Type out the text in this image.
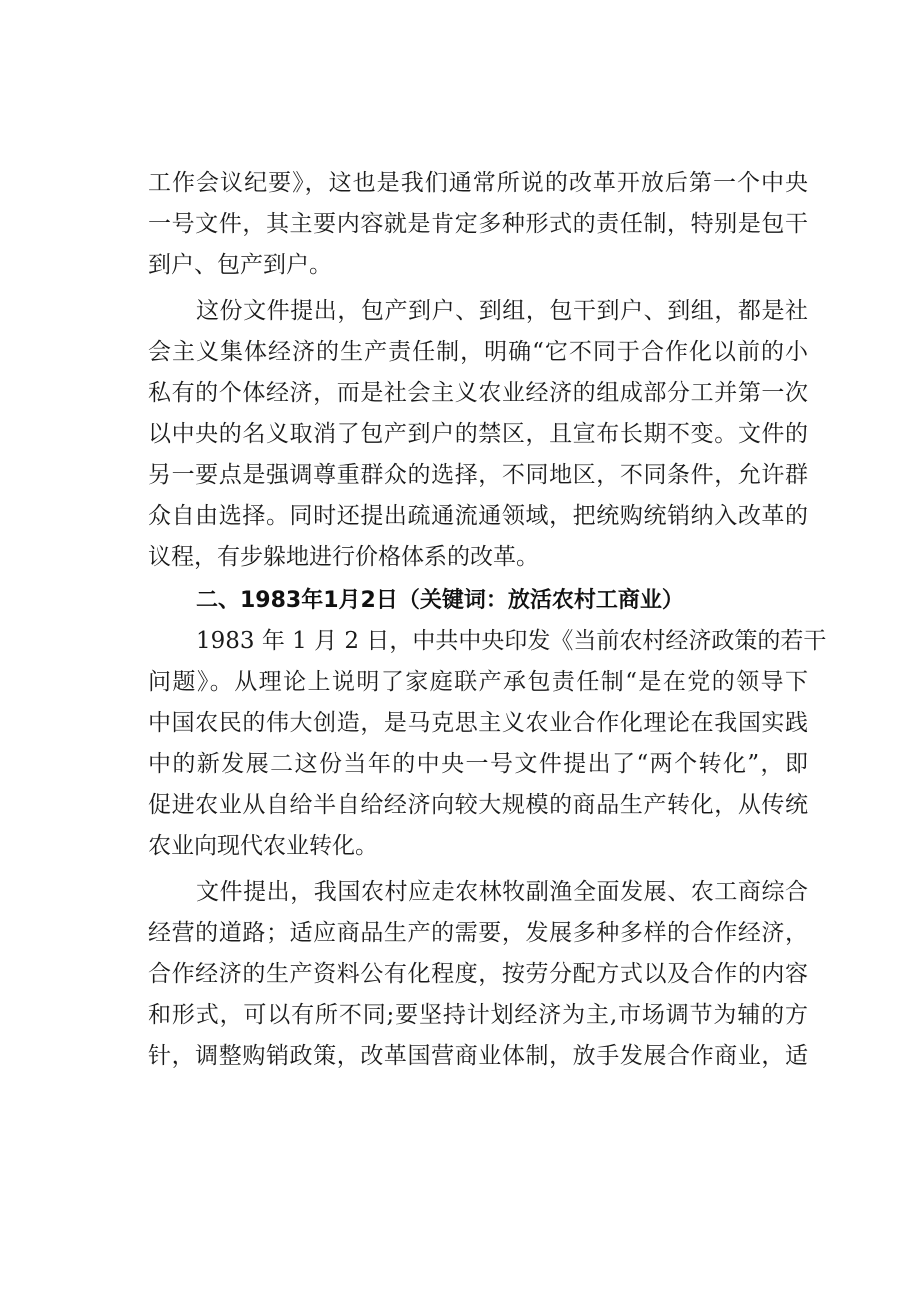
工作会议纪要》，这也是我们通常所说的改革开放后第一个中央
一号文件，其主要内容就是肯定多种形式的责任制，特别是包干
到户、包产到户。
这份文件提出，包产到户、到组，包干到户、到组，都是社
会主义集体经济的生产责任制，明确“它不同于合作化以前的小
私有的个体经济，而是社会主义农业经济的组成部分工并第一次
以中央的名义取消了包产到户的禁区，且宣布长期不变。文件的
另一要点是强调尊重群众的选择，不同地区，不同条件，允许群
众自由选择。同时还提出疏通流通领域，把统购统销纳入改革的
议程，有步躲地进行价格体系的改革。
二、1983年1月2日（关键词：放活农村工商业）
1983 年 1 月 2 日，中共中央印发《当前农村经济政策的若干
问题》。从理论上说明了家庭联产承包责任制“是在党的领导下
中国农民的伟大创造，是马克思主义农业合作化理论在我国实践
中的新发展二这份当年的中央一号文件提出了“两个转化”，即
促进农业从自给半自给经济向较大规模的商品生产转化，从传统
农业向现代农业转化。
文件提出，我国农村应走农林牧副渔全面发展、农工商综合
经营的道路；适应商品生产的需要，发展多种多样的合作经济，
合作经济的生产资料公有化程度，按劳分配方式以及合作的内容
和形式，可以有所不同;要坚持计划经济为主,市场调节为辅的方
针，调整购销政策，改革国营商业体制，放手发展合作商业，适
